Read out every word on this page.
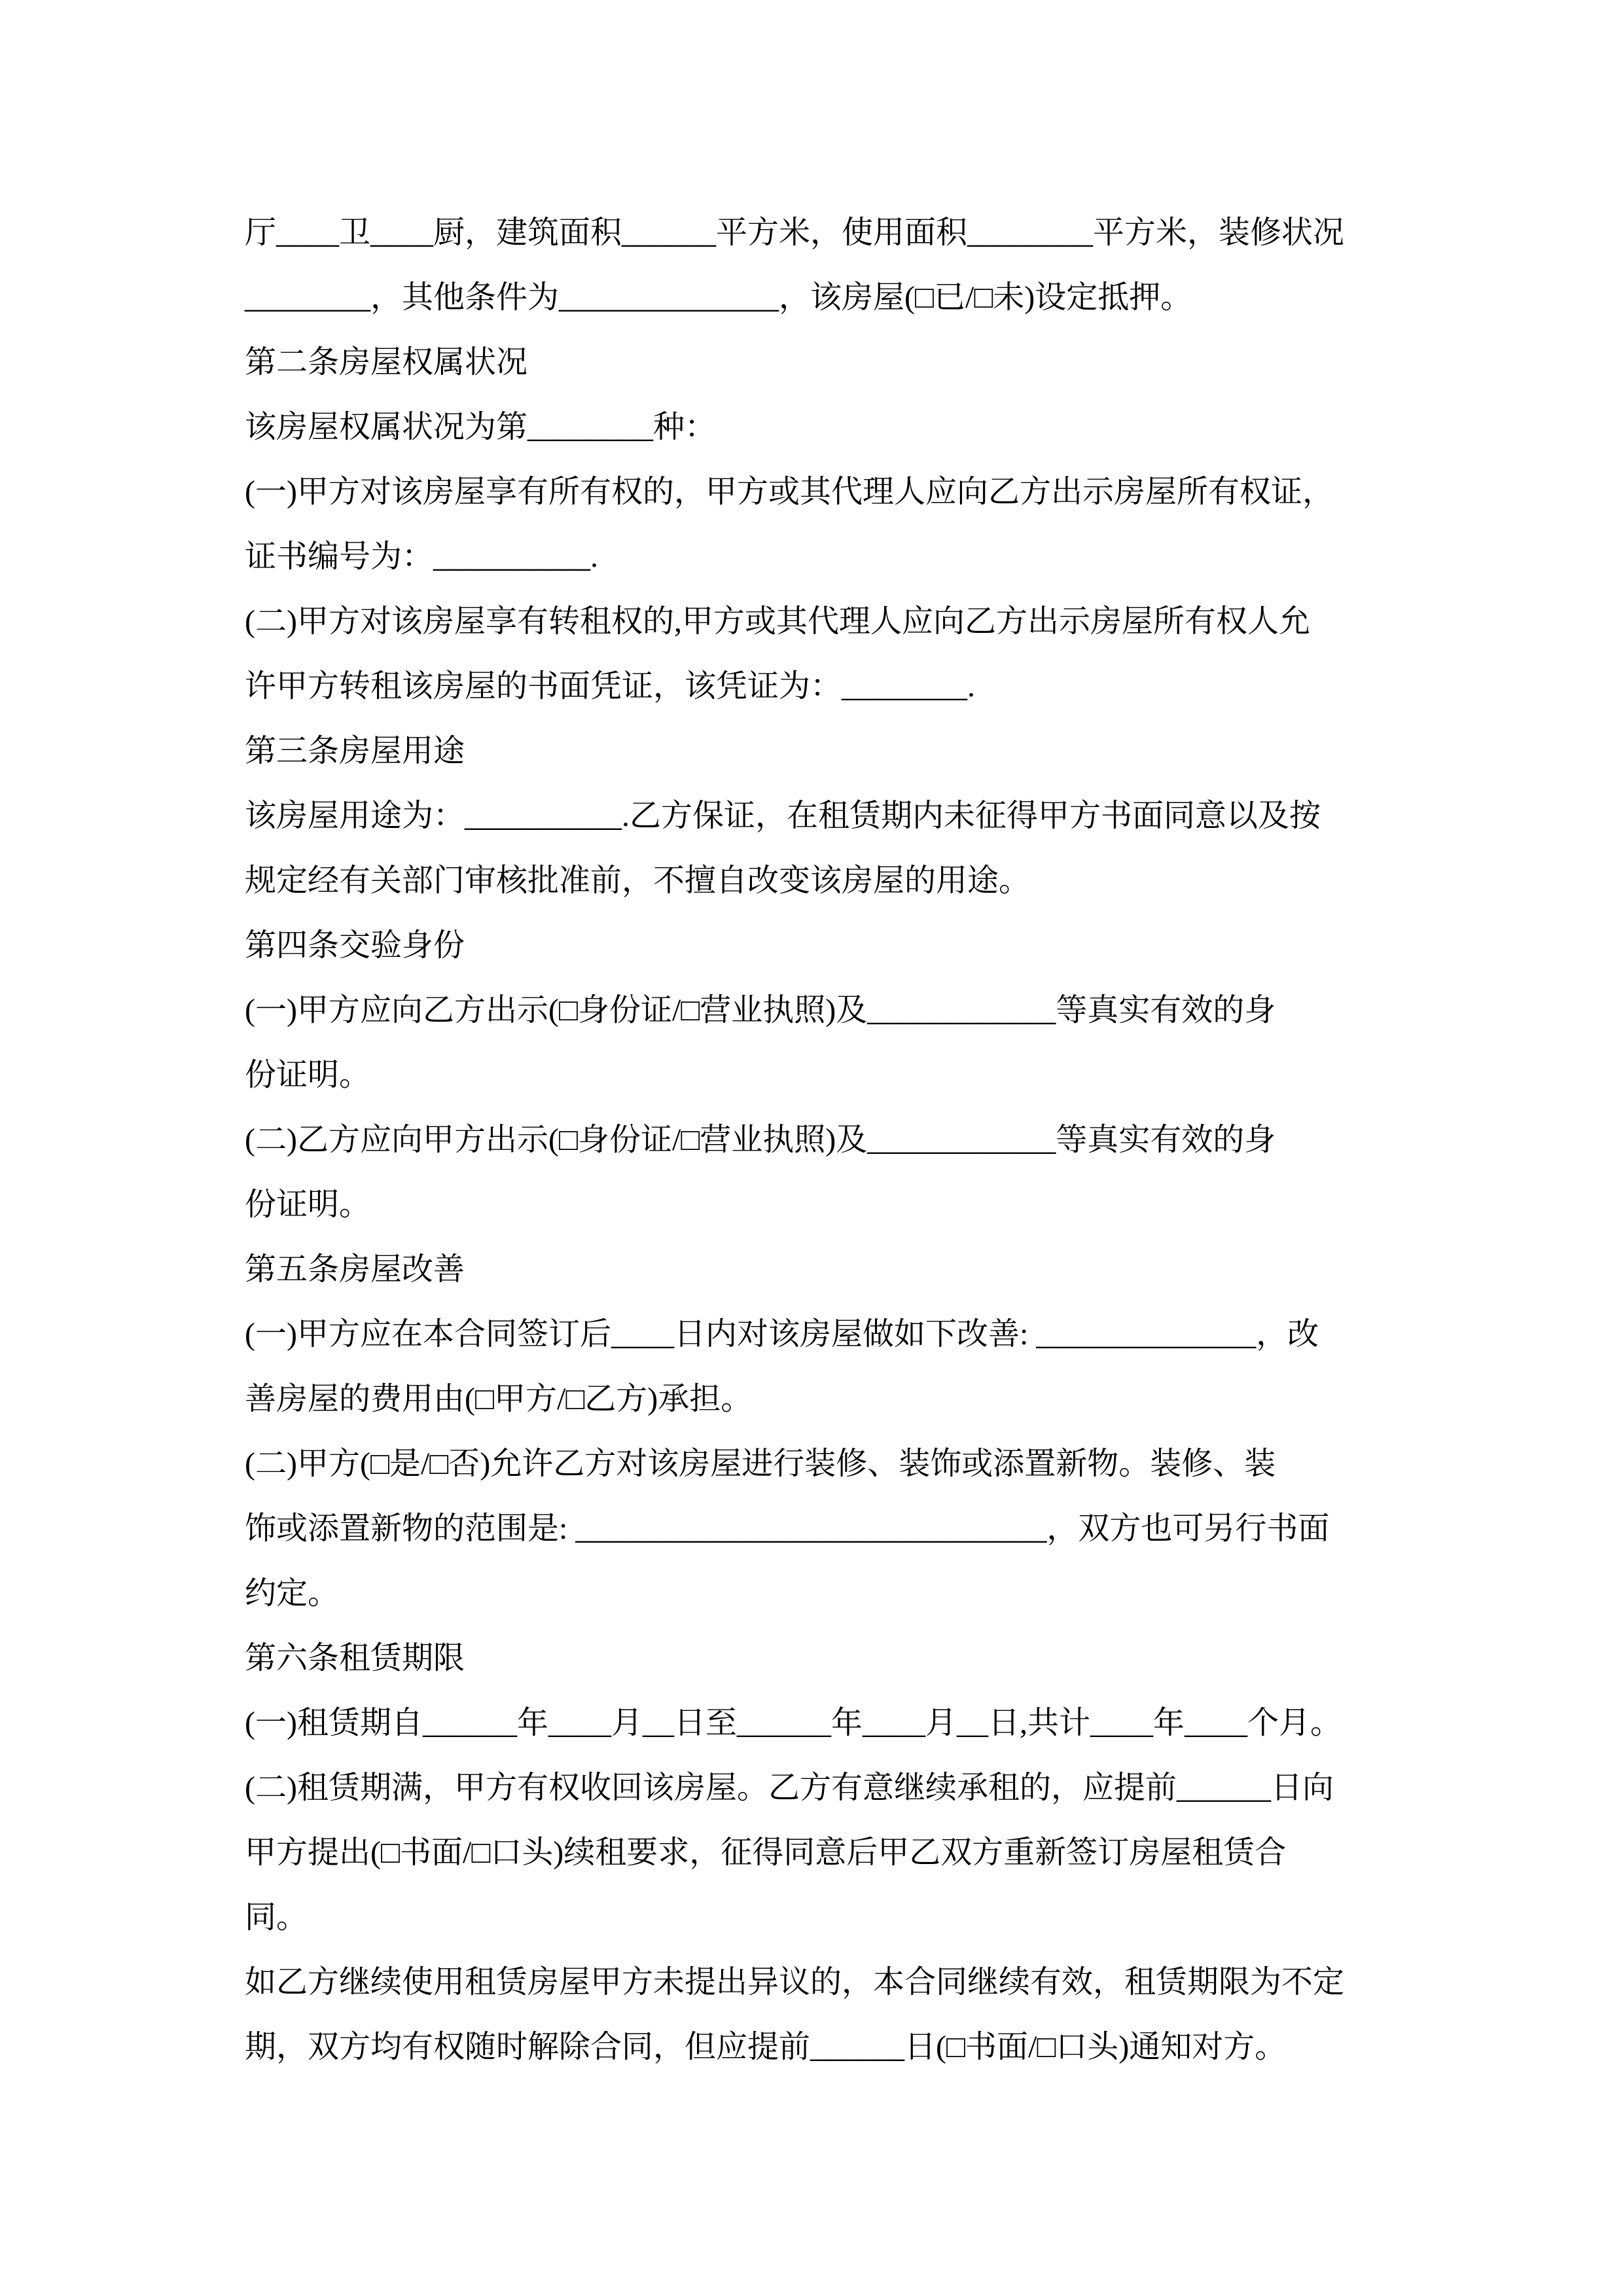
厅____卫____厨，建筑面积______平方米，使用面积________平方米，装修状况
________，其他条件为______________，该房屋(□已/□未)设定抵押。
第二条房屋权属状况
该房屋权属状况为第________种：
(一)甲方对该房屋享有所有权的，甲方或其代理人应向乙方出示房屋所有权证，
证书编号为：__________.
(二)甲方对该房屋享有转租权的,甲方或其代理人应向乙方出示房屋所有权人允
许甲方转租该房屋的书面凭证，该凭证为：________.
第三条房屋用途
该房屋用途为：__________.乙方保证，在租赁期内未征得甲方书面同意以及按
规定经有关部门审核批准前，不擅自改变该房屋的用途。
第四条交验身份
(一)甲方应向乙方出示(□身份证/□营业执照)及____________等真实有效的身
份证明。
(二)乙方应向甲方出示(□身份证/□营业执照)及____________等真实有效的身
份证明。
第五条房屋改善
(一)甲方应在本合同签订后____日内对该房屋做如下改善: ______________，改
善房屋的费用由(□甲方/□乙方)承担。
(二)甲方(□是/□否)允许乙方对该房屋进行装修、装饰或添置新物。装修、装
饰或添置新物的范围是: ______________________________，双方也可另行书面
约定。
第六条租赁期限
(一)租赁期自______年____月__日至______年____月__日,共计____年____个月。
(二)租赁期满，甲方有权收回该房屋。乙方有意继续承租的，应提前______日向
甲方提出(□书面/□口头)续租要求，征得同意后甲乙双方重新签订房屋租赁合
同。
如乙方继续使用租赁房屋甲方未提出异议的，本合同继续有效，租赁期限为不定
期，双方均有权随时解除合同，但应提前______日(□书面/□口头)通知对方。
